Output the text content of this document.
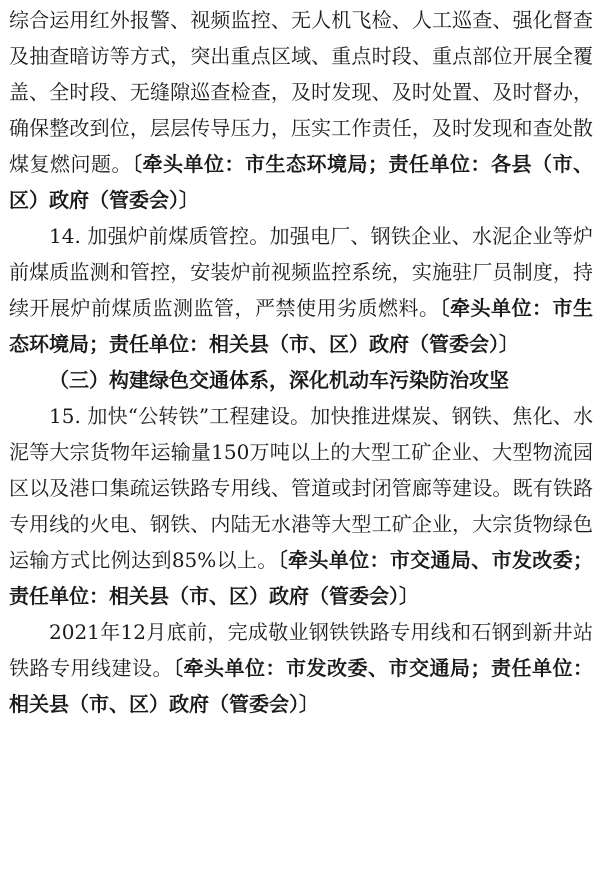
综合运用红外报警、视频监控、无人机飞检、人工巡查、强化督查及抽查暗访等方式，突出重点区域、重点时段、重点部位开展全覆盖、全时段、无缝隙巡查检查，及时发现、及时处置、及时督办，确保整改到位，层层传导压力，压实工作责任，及时发现和查处散煤复燃问题。〔牵头单位：市生态环境局；责任单位：各县（市、区）政府（管委会）〕

14. 加强炉前煤质管控。加强电厂、钢铁企业、水泥企业等炉前煤质监测和管控，安装炉前视频监控系统，实施驻厂员制度，持续开展炉前煤质监测监管，严禁使用劣质燃料。〔牵头单位：市生态环境局；责任单位：相关县（市、区）政府（管委会）〕

（三）构建绿色交通体系，深化机动车污染防治攻坚

15. 加快“公转铁”工程建设。加快推进煤炭、钢铁、焦化、水泥等大宗货物年运输量150万吨以上的大型工矿企业、大型物流园区以及港口集疏运铁路专用线、管道或封闭管廊等建设。既有铁路专用线的火电、钢铁、内陆无水港等大型工矿企业，大宗货物绿色运输方式比例达到85%以上。〔牵头单位：市交通局、市发改委；责任单位：相关县（市、区）政府（管委会）〕

2021年12月底前，完成敬业钢铁铁路专用线和石钢到新井站铁路专用线建设。〔牵头单位：市发改委、市交通局；责任单位：相关县（市、区）政府（管委会）〕
